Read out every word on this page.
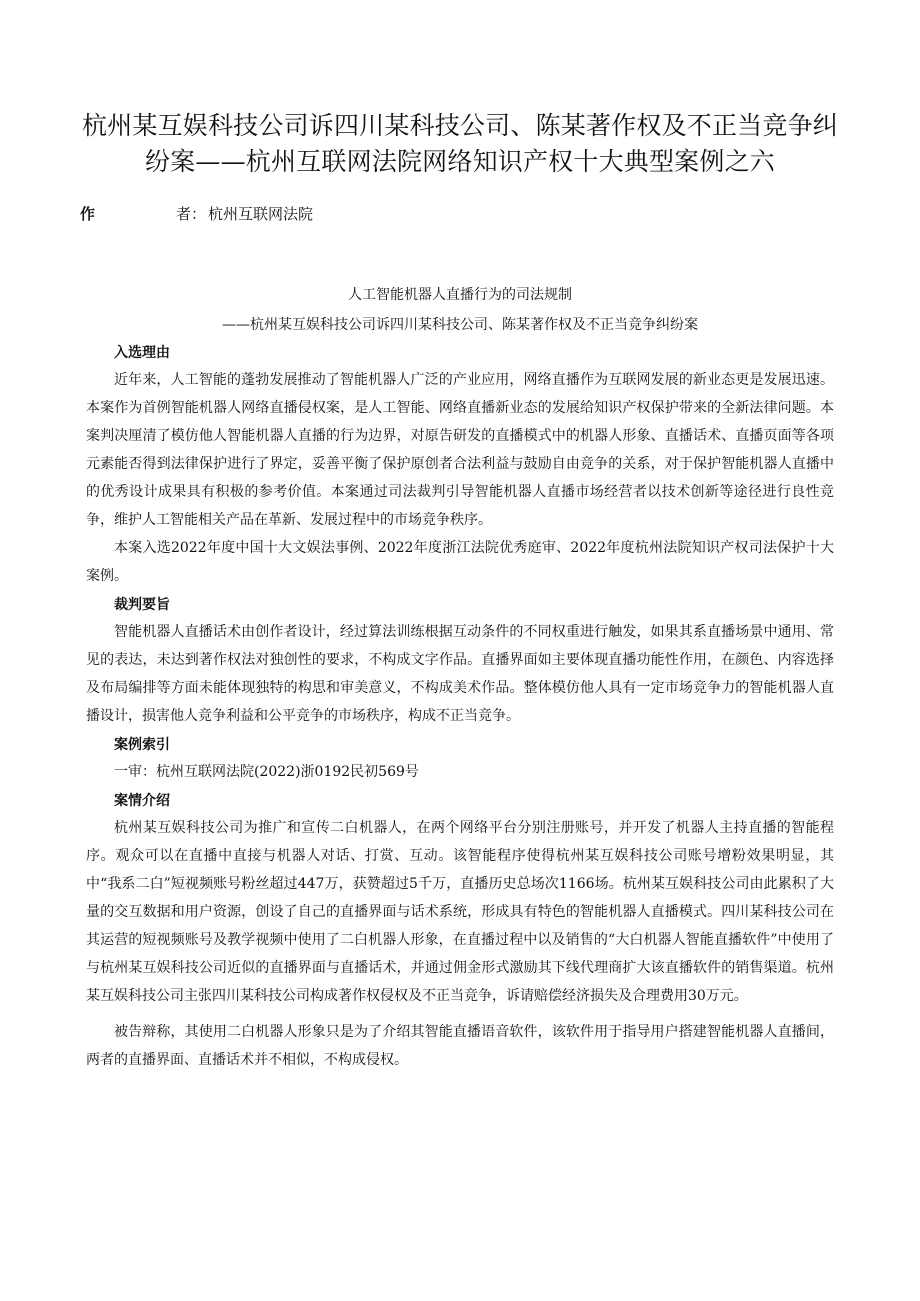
杭州某互娱科技公司诉四川某科技公司、陈某著作权及不正当竞争纠纷案——杭州互联网法院网络知识产权十大典型案例之六
作	者： 杭州互联网法院

人工智能机器人直播行为的司法规制

——杭州某互娱科技公司诉四川某科技公司、陈某著作权及不正当竞争纠纷案

入选理由

近年来，人工智能的蓬勃发展推动了智能机器人广泛的产业应用，网络直播作为互联网发展的新业态更是发展迅速。本案作为首例智能机器人网络直播侵权案，是人工智能、网络直播新业态的发展给知识产权保护带来的全新法律问题。本案判决厘清了模仿他人智能机器人直播的行为边界，对原告研发的直播模式中的机器人形象、直播话术、直播页面等各项元素能否得到法律保护进行了界定，妥善平衡了保护原创者合法利益与鼓励自由竞争的关系，对于保护智能机器人直播中的优秀设计成果具有积极的参考价值。本案通过司法裁判引导智能机器人直播市场经营者以技术创新等途径进行良性竞争，维护人工智能相关产品在革新、发展过程中的市场竞争秩序。

本案入选2022年度中国十大文娱法事例、2022年度浙江法院优秀庭审、2022年度杭州法院知识产权司法保护十大案例。

裁判要旨

智能机器人直播话术由创作者设计，经过算法训练根据互动条件的不同权重进行触发，如果其系直播场景中通用、常见的表达，未达到著作权法对独创性的要求，不构成文字作品。直播界面如主要体现直播功能性作用，在颜色、内容选择及布局编排等方面未能体现独特的构思和审美意义，不构成美术作品。整体模仿他人具有一定市场竞争力的智能机器人直播设计，损害他人竞争利益和公平竞争的市场秩序，构成不正当竞争。

案例索引

一审：杭州互联网法院(2022)浙0192民初569号

案情介绍

杭州某互娱科技公司为推广和宣传二白机器人，在两个网络平台分别注册账号，并开发了机器人主持直播的智能程序。观众可以在直播中直接与机器人对话、打赏、互动。该智能程序使得杭州某互娱科技公司账号增粉效果明显，其中“我系二白”短视频账号粉丝超过447万，获赞超过5千万，直播历史总场次1166场。杭州某互娱科技公司由此累积了大量的交互数据和用户资源，创设了自己的直播界面与话术系统，形成具有特色的智能机器人直播模式。四川某科技公司在其运营的短视频账号及教学视频中使用了二白机器人形象，在直播过程中以及销售的“大白机器人智能直播软件”中使用了与杭州某互娱科技公司近似的直播界面与直播话术，并通过佣金形式激励其下线代理商扩大该直播软件的销售渠道。杭州某互娱科技公司主张四川某科技公司构成著作权侵权及不正当竞争，诉请赔偿经济损失及合理费用30万元。

被告辩称，其使用二白机器人形象只是为了介绍其智能直播语音软件，该软件用于指导用户搭建智能机器人直播间，两者的直播界面、直播话术并不相似，不构成侵权。
